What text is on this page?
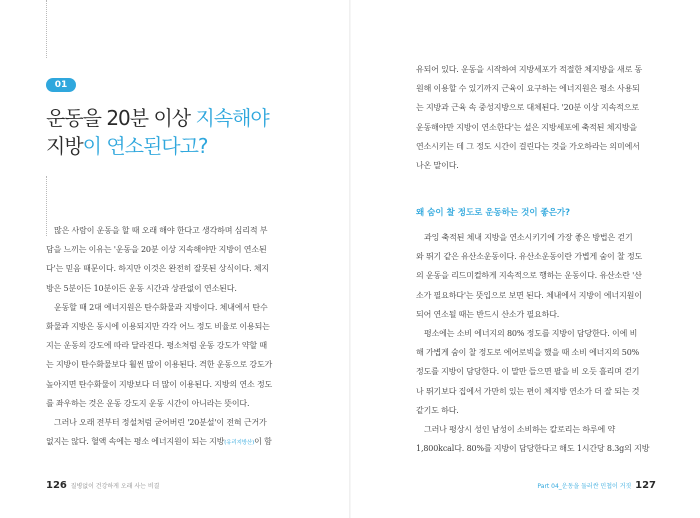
01
운동을 20분 이상 지속해야
지방이 연소된다고?

많은 사람이 운동을 할 때 오래 해야 한다고 생각하며 심리적 부

담을 느끼는 이유는 '운동을 20분 이상 지속해야만 지방이 연소된

다'는 믿음 때문이다. 하지만 이것은 완전히 잘못된 상식이다. 체지

방은 5분이든 10분이든 운동 시간과 상관없이 연소된다.

운동할 때 2대 에너지원은 탄수화물과 지방이다. 체내에서 탄수

화물과 지방은 동시에 이용되지만 각각 어느 정도 비율로 이용되는

지는 운동의 강도에 따라 달라진다. 평소처럼 운동 강도가 약할 때

는 지방이 탄수화물보다 훨씬 많이 이용된다. 격한 운동으로 강도가

높아지면 탄수화물이 지방보다 더 많이 이용된다. 지방의 연소 정도

를 좌우하는 것은 운동 강도지 운동 시간이 아니라는 뜻이다.

그러나 오래 전부터 정설처럼 굳어버린 '20분설'이 전혀 근거가

없지는 않다. 혈액 속에는 평소 에너지원이 되는 지방(유리지방산)이 함

126 질병없이 건강하게 오래 사는 비결

유되어 있다. 운동을 시작하여 지방세포가 적절한 체지방을 새로 동

원해 이용할 수 있기까지 근육이 요구하는 에너지원은 평소 사용되

는 지방과 근육 속 중성지방으로 대체된다. '20분 이상 지속적으로

운동해야만 지방이 연소한다'는 설은 지방세포에 축적된 체지방을

연소시키는 데 그 정도 시간이 걸린다는 것을 가오하라는 의미에서

나온 말이다.

왜 숨이 찰 정도로 운동하는 것이 좋은가?

과잉 축적된 체내 지방을 연소시키기에 가장 좋은 방법은 걷기

와 뛰기 같은 유산소운동이다. 유산소운동이란 가볍게 숨이 찰 정도

의 운동을 리드미컬하게 지속적으로 행하는 운동이다. 유산소란 '산

소가 필요하다'는 뜻입으로 보면 된다. 체내에서 지방이 에너지원이

되어 연소될 때는 반드시 산소가 필요하다.

평소에는 소비 에너지의 80% 정도를 지방이 담당한다. 이에 비

해 가볍게 숨이 찰 정도로 에어로빅을 했을 때 소비 에너지의 50%

정도를 지방이 담당한다. 이 말만 들으면 팔을 비 오듯 흘리며 걷기

나 뛰기보다 집에서 가만히 있는 편이 체지방 연소가 더 잘 되는 것

같기도 하다.

그러나 평상시 성인 남성이 소비하는 칼로리는 하루에 약

1,800kcal다. 80%를 지방이 담당한다고 해도 1시간당 8.3g의 지방

Part 04_운동을 둘러싼 민첩이 거짓 127
